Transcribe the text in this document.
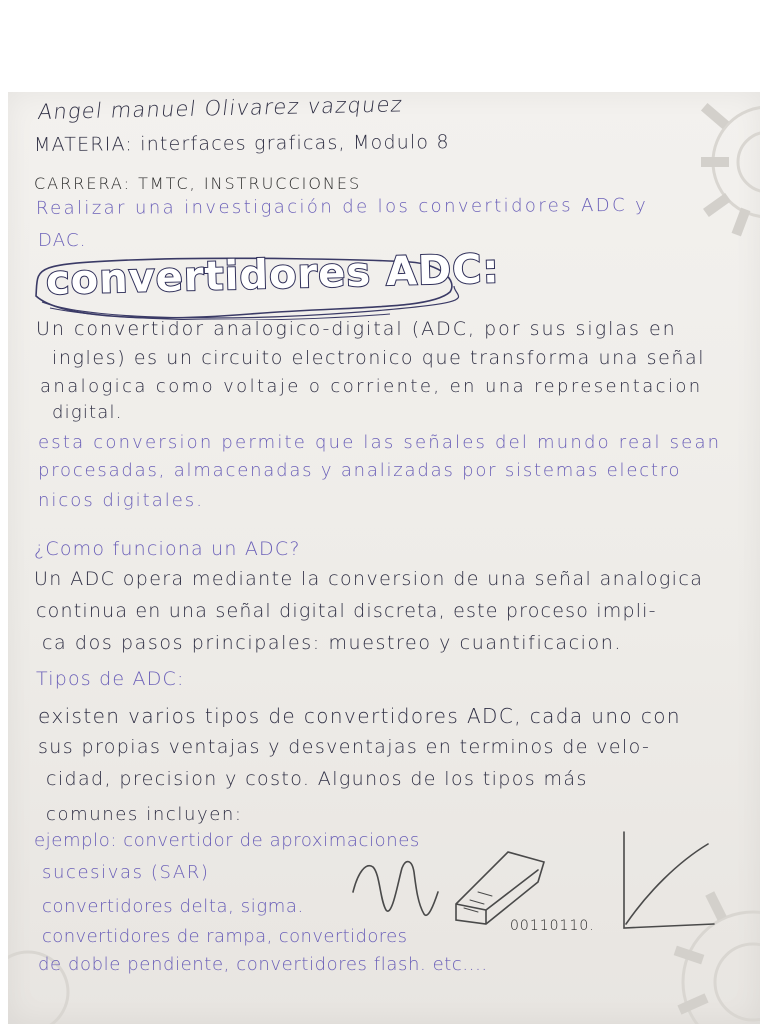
Angel manuel Olivarez vazquez
MATERIA: interfaces graficas, Modulo 8
CARRERA: TMTC, INSTRUCCIONES
Realizar una investigación de los convertidores ADC y
DAC.
convertidores ADC:
Un convertidor analogico-digital (ADC, por sus siglas en
ingles) es un circuito electronico que transforma una señal
analogica como voltaje o corriente, en una representacion
digital.
esta conversion permite que las señales del mundo real sean
procesadas, almacenadas y analizadas por sistemas electro
nicos digitales.
¿Como funciona un ADC?
Un ADC opera mediante la conversion de una señal analogica
continua en una señal digital discreta, este proceso impli-
ca dos pasos principales: muestreo y cuantificacion.
Tipos de ADC:
existen varios tipos de convertidores ADC, cada uno con
sus propias ventajas y desventajas en terminos de velo-
cidad, precision y costo. Algunos de los tipos más
comunes incluyen:
ejemplo: convertidor de aproximaciones
sucesivas (SAR)
convertidores delta, sigma.
convertidores de rampa, convertidores
de doble pendiente, convertidores flash. etc....
00110110.
